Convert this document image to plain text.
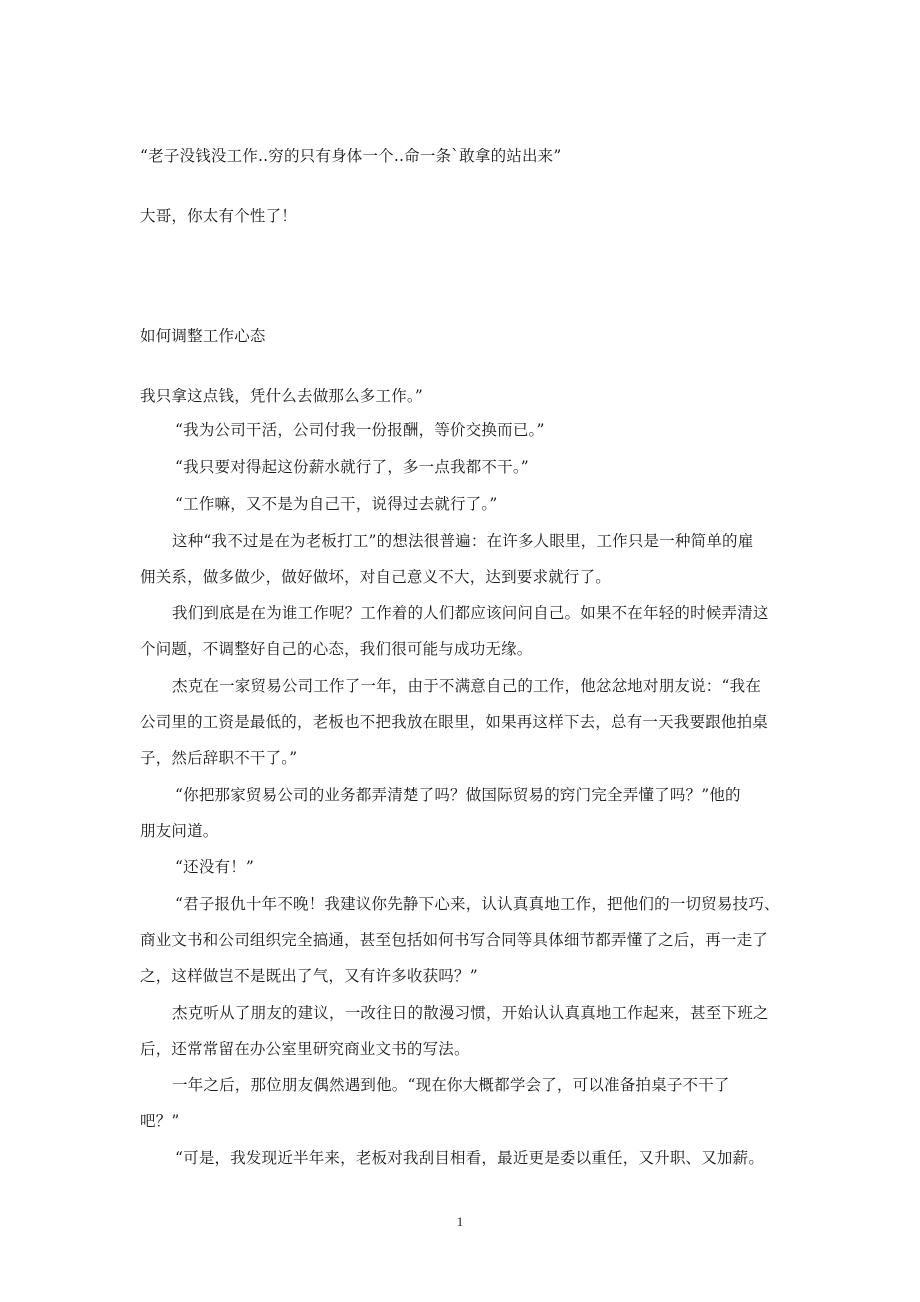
“老子没钱没工作..穷的只有身体一个..命一条`敢拿的站出来”
大哥，你太有个性了！
如何调整工作心态
我只拿这点钱，凭什么去做那么多工作。”
“我为公司干活，公司付我一份报酬，等价交换而已。”
“我只要对得起这份薪水就行了，多一点我都不干。”
“工作嘛，又不是为自己干，说得过去就行了。”
这种“我不过是在为老板打工”的想法很普遍：在许多人眼里，工作只是一种简单的雇
佣关系，做多做少，做好做坏，对自己意义不大，达到要求就行了。
我们到底是在为谁工作呢？工作着的人们都应该问问自己。如果不在年轻的时候弄清这
个问题，不调整好自己的心态，我们很可能与成功无缘。
杰克在一家贸易公司工作了一年，由于不满意自己的工作，他忿忿地对朋友说：“我在
公司里的工资是最低的，老板也不把我放在眼里，如果再这样下去，总有一天我要跟他拍桌
子，然后辞职不干了。”
“你把那家贸易公司的业务都弄清楚了吗？做国际贸易的窍门完全弄懂了吗？”他的
朋友问道。
“还没有！”
“君子报仇十年不晚！我建议你先静下心来，认认真真地工作，把他们的一切贸易技巧、
商业文书和公司组织完全搞通，甚至包括如何书写合同等具体细节都弄懂了之后，再一走了
之，这样做岂不是既出了气，又有许多收获吗？”
杰克听从了朋友的建议，一改往日的散漫习惯，开始认认真真地工作起来，甚至下班之
后，还常常留在办公室里研究商业文书的写法。
一年之后，那位朋友偶然遇到他。“现在你大概都学会了，可以准备拍桌子不干了
吧？”
“可是，我发现近半年来，老板对我刮目相看，最近更是委以重任，又升职、又加薪。
1
